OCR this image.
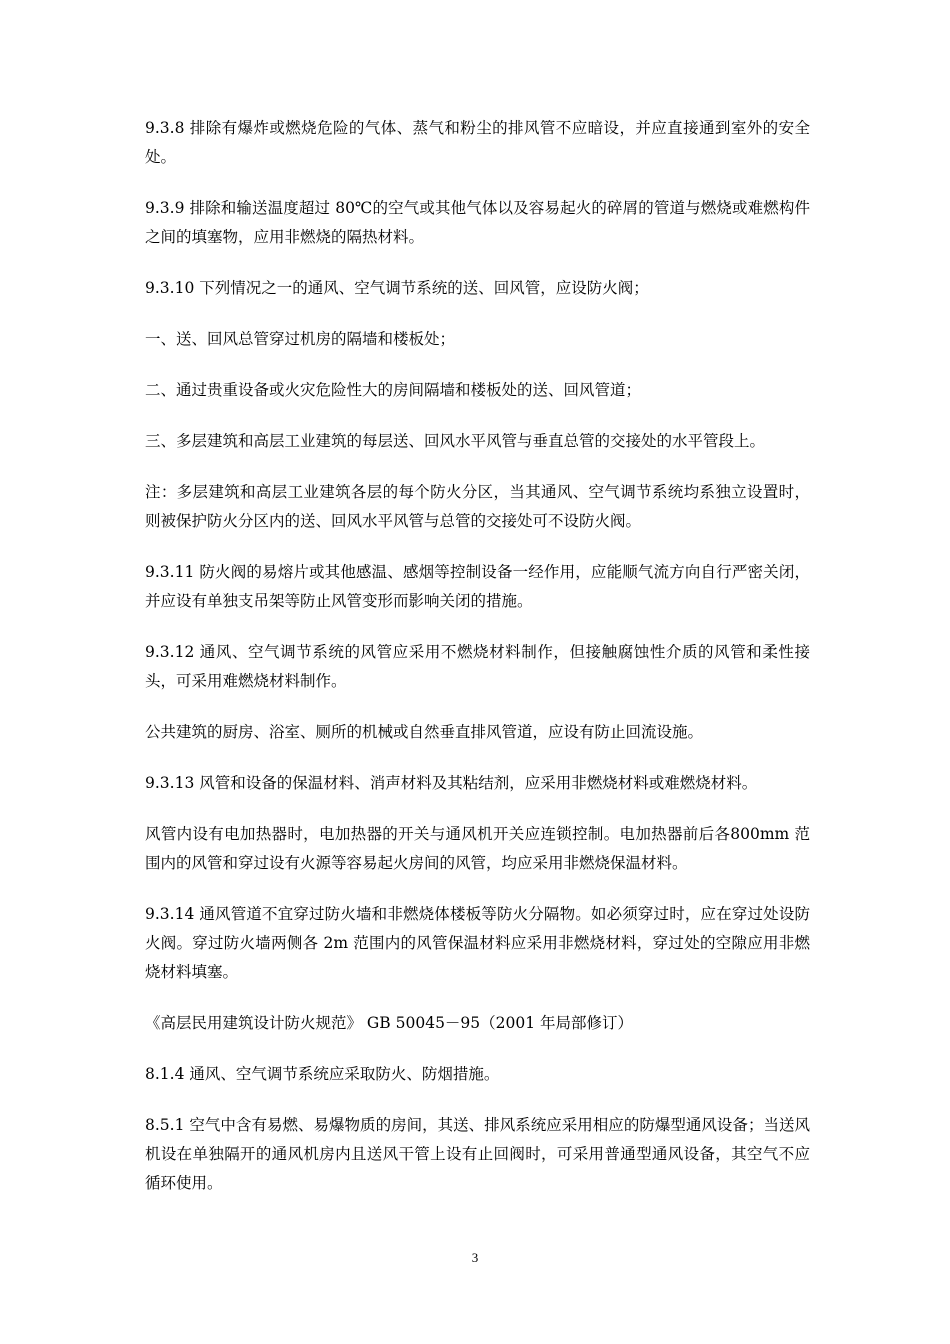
9.3.8 排除有爆炸或燃烧危险的气体、蒸气和粉尘的排风管不应暗设，并应直接通到室外的安全处。

9.3.9 排除和输送温度超过 80℃的空气或其他气体以及容易起火的碎屑的管道与燃烧或难燃构件之间的填塞物，应用非燃烧的隔热材料。

9.3.10 下列情况之一的通风、空气调节系统的送、回风管，应设防火阀；

一、送、回风总管穿过机房的隔墙和楼板处；

二、通过贵重设备或火灾危险性大的房间隔墙和楼板处的送、回风管道；

三、多层建筑和高层工业建筑的每层送、回风水平风管与垂直总管的交接处的水平管段上。

注：多层建筑和高层工业建筑各层的每个防火分区，当其通风、空气调节系统均系独立设置时，则被保护防火分区内的送、回风水平风管与总管的交接处可不设防火阀。

9.3.11 防火阀的易熔片或其他感温、感烟等控制设备一经作用，应能顺气流方向自行严密关闭，并应设有单独支吊架等防止风管变形而影响关闭的措施。

9.3.12 通风、空气调节系统的风管应采用不燃烧材料制作，但接触腐蚀性介质的风管和柔性接头，可采用难燃烧材料制作。

公共建筑的厨房、浴室、厕所的机械或自然垂直排风管道，应设有防止回流设施。

9.3.13 风管和设备的保温材料、消声材料及其粘结剂，应采用非燃烧材料或难燃烧材料。

风管内设有电加热器时，电加热器的开关与通风机开关应连锁控制。电加热器前后各800mm 范围内的风管和穿过设有火源等容易起火房间的风管，均应采用非燃烧保温材料。

9.3.14 通风管道不宜穿过防火墙和非燃烧体楼板等防火分隔物。如必须穿过时，应在穿过处设防火阀。穿过防火墙两侧各 2m 范围内的风管保温材料应采用非燃烧材料，穿过处的空隙应用非燃烧材料填塞。

《高层民用建筑设计防火规范》 GB 50045－95（2001 年局部修订）

8.1.4 通风、空气调节系统应采取防火、防烟措施。

8.5.1 空气中含有易燃、易爆物质的房间，其送、排风系统应采用相应的防爆型通风设备；当送风机设在单独隔开的通风机房内且送风干管上设有止回阀时，可采用普通型通风设备，其空气不应循环使用。

3
